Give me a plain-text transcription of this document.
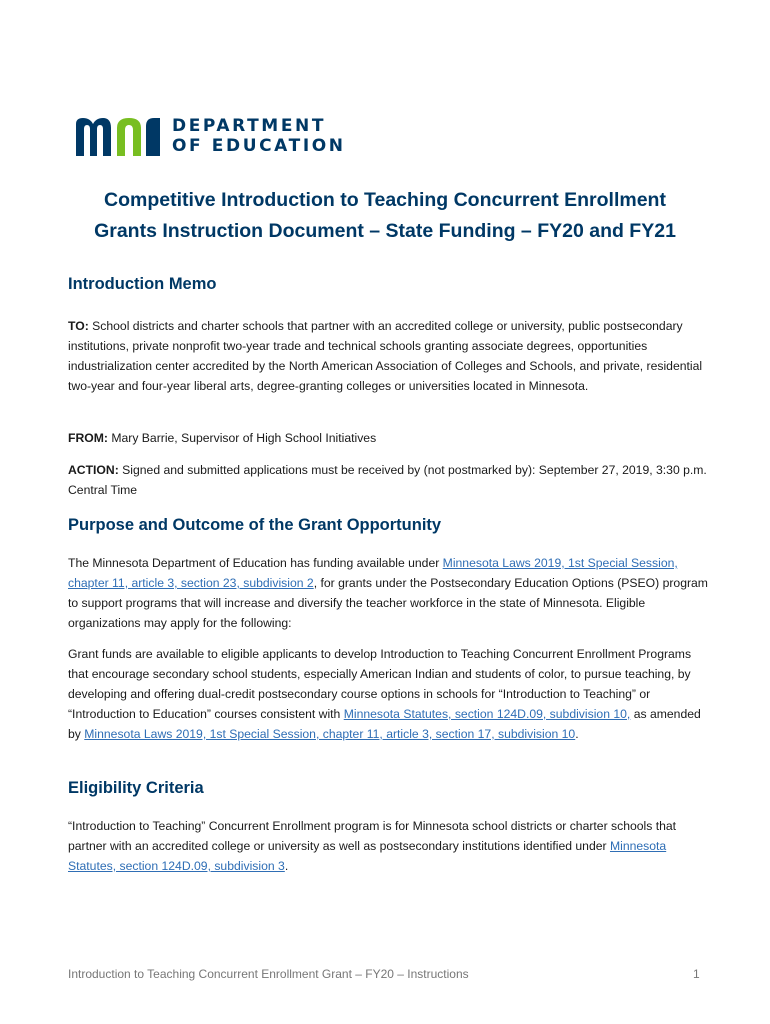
DEPARTMENT
OF EDUCATION
Competitive Introduction to Teaching Concurrent Enrollment
Grants Instruction Document – State Funding – FY20 and FY21
Introduction Memo

TO: School districts and charter schools that partner with an accredited college or university, public postsecondary institutions, private nonprofit two-year trade and technical schools granting associate degrees, opportunities industrialization center accredited by the North American Association of Colleges and Schools, and private, residential two-year and four-year liberal arts, degree-granting colleges or universities located in Minnesota.

FROM: Mary Barrie, Supervisor of High School Initiatives

ACTION: Signed and submitted applications must be received by (not postmarked by): September 27, 2019, 3:30 p.m. Central Time

Purpose and Outcome of the Grant Opportunity

The Minnesota Department of Education has funding available under Minnesota Laws 2019, 1st Special Session, chapter 11, article 3, section 23, subdivision 2, for grants under the Postsecondary Education Options (PSEO) program to support programs that will increase and diversify the teacher workforce in the state of Minnesota. Eligible organizations may apply for the following:

Grant funds are available to eligible applicants to develop Introduction to Teaching Concurrent Enrollment Programs that encourage secondary school students, especially American Indian and students of color, to pursue teaching, by developing and offering dual-credit postsecondary course options in schools for “Introduction to Teaching” or “Introduction to Education” courses consistent with Minnesota Statutes, section 124D.09, subdivision 10, as amended by Minnesota Laws 2019, 1st Special Session, chapter 11, article 3, section 17, subdivision 10.

Eligibility Criteria

“Introduction to Teaching” Concurrent Enrollment program is for Minnesota school districts or charter schools that partner with an accredited college or university as well as postsecondary institutions identified under Minnesota Statutes, section 124D.09, subdivision 3.

Introduction to Teaching Concurrent Enrollment Grant – FY20 – Instructions	1
